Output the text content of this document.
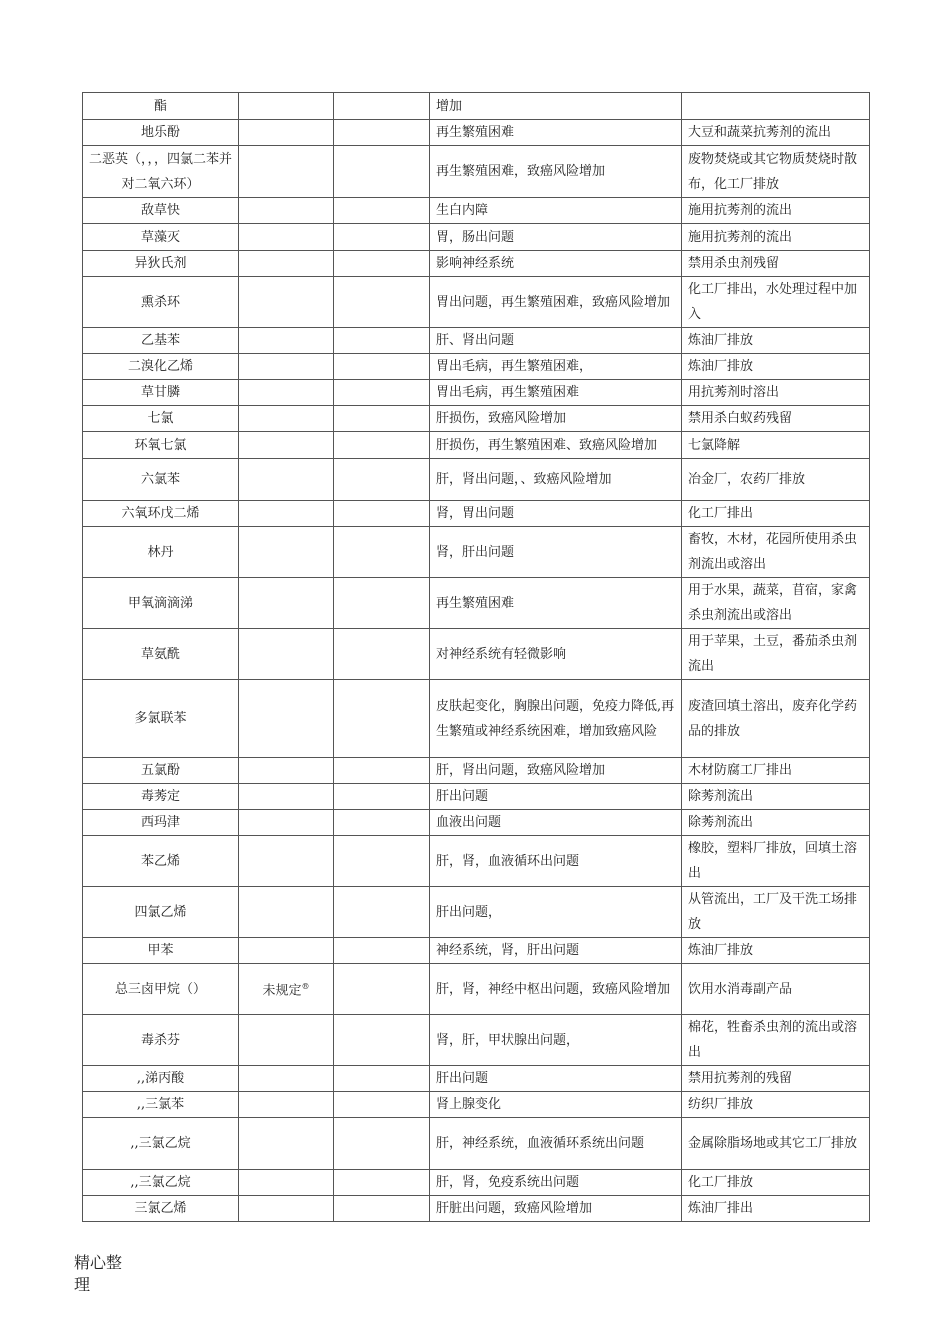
酯			增加	
地乐酚			再生繁殖困难	大豆和蔬菜抗莠剂的流出
二恶英（，，，四氯二苯并对二氧六环）			再生繁殖困难，致癌风险增加	废物焚烧或其它物质焚烧时散布，化工厂排放
敌草快			生白内障	施用抗莠剂的流出
草藻灭			胃，肠出问题	施用抗莠剂的流出
异狄氏剂			影响神经系统	禁用杀虫剂残留
熏杀环			胃出问题，再生繁殖困难，致癌风险增加	化工厂排出，水处理过程中加入
乙基苯			肝、肾出问题	炼油厂排放
二溴化乙烯			胃出毛病，再生繁殖困难，	炼油厂排放
草甘膦			胃出毛病，再生繁殖困难	用抗莠剂时溶出
七氯			肝损伤，致癌风险增加	禁用杀白蚁药残留
环氧七氯			肝损伤，再生繁殖困难、致癌风险增加	七氯降解
六氯苯			肝，肾出问题，、致癌风险增加	冶金厂，农药厂排放
六氧环戊二烯			肾，胃出问题	化工厂排出
林丹			肾，肝出问题	畜牧，木材，花园所使用杀虫剂流出或溶出
甲氧滴滴涕			再生繁殖困难	用于水果，蔬菜，苜宿，家禽杀虫剂流出或溶出
草氨酰			对神经系统有轻微影响	用于苹果，土豆，番茄杀虫剂流出
多氯联苯			皮肤起变化，胸腺出问题，免疫力降低,再生繁殖或神经系统困难，增加致癌风险	废渣回填土溶出，废弃化学药品的排放
五氯酚			肝，肾出问题，致癌风险增加	木材防腐工厂排出
毒莠定			肝出问题	除莠剂流出
西玛津			血液出问题	除莠剂流出
苯乙烯			肝，肾，血液循环出问题	橡胶，塑料厂排放，回填土溶出
四氯乙烯			肝出问题，	从管流出，工厂及干洗工场排放
甲苯			神经系统，肾，肝出问题	炼油厂排放
总三卤甲烷（）	未规定®		肝，肾，神经中枢出问题，致癌风险增加	饮用水消毒副产品
毒杀芬			肾，肝，甲状腺出问题，	棉花，牲畜杀虫剂的流出或溶出
,,涕丙酸			肝出问题	禁用抗莠剂的残留
,,三氯苯			肾上腺变化	纺织厂排放
,,三氯乙烷			肝，神经系统，血液循环系统出问题	金属除脂场地或其它工厂排放
,,三氯乙烷			肝，肾，免疫系统出问题	化工厂排放
三氯乙烯			肝脏出问题，致癌风险增加	炼油厂排出
精心整理
